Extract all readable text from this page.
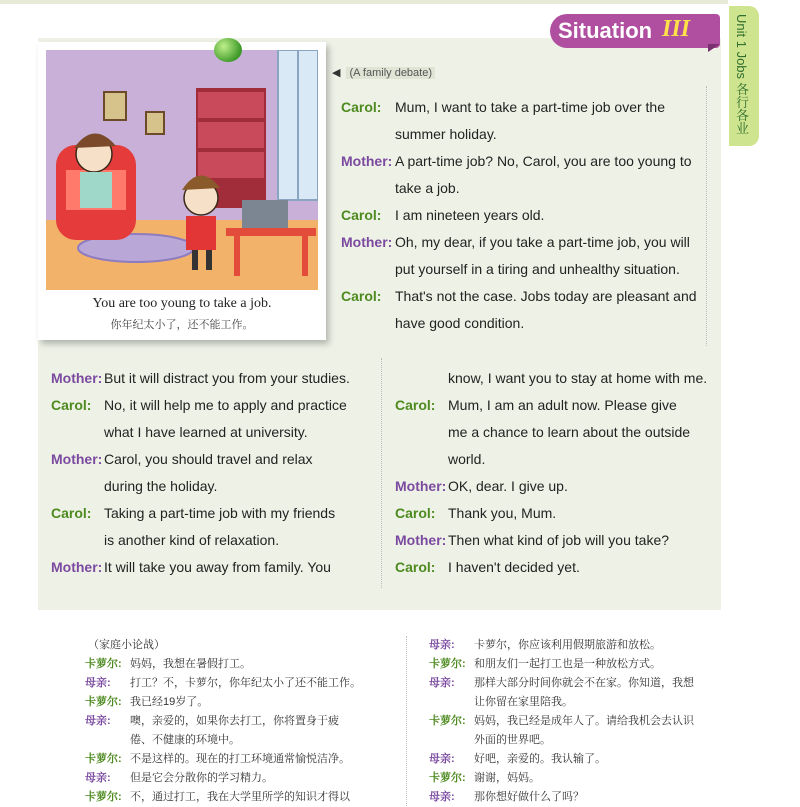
Situation III	Unit 1 Jobs 各行各业
You are too young to take a job.
你年纪太小了，还不能工作。
◀ (A family debate)
Carol: Mum, I want to take a part-time job over the
summer holiday.
Mother: A part-time job? No, Carol, you are too young to
take a job.
Carol: I am nineteen years old.
Mother: Oh, my dear, if you take a part-time job, you will
put yourself in a tiring and unhealthy situation.
Carol: That's not the case. Jobs today are pleasant and
have good condition.
Mother: But it will distract you from your studies.
Carol: No, it will help me to apply and practice
what I have learned at university.
Mother: Carol, you should travel and relax
during the holiday.
Carol: Taking a part-time job with my friends
is another kind of relaxation.
Mother: It will take you away from family. You
know, I want you to stay at home with me.
Carol: Mum, I am an adult now. Please give
me a chance to learn about the outside
world.
Mother: OK, dear. I give up.
Carol: Thank you, Mum.
Mother: Then what kind of job will you take?
Carol: I haven't decided yet.
（家庭小论战）
卡萝尔: 妈妈，我想在暑假打工。
母亲: 打工？不，卡萝尔，你年纪太小了还不能工作。
卡萝尔: 我已经19岁了。
母亲: 噢，亲爱的，如果你去打工，你将置身于疲
倦、不健康的环境中。
卡萝尔: 不是这样的。现在的打工环境通常愉悦洁净。
母亲: 但是它会分散你的学习精力。
卡萝尔: 不，通过打工，我在大学里所学的知识才得以
母亲: 卡萝尔，你应该利用假期旅游和放松。
卡萝尔: 和朋友们一起打工也是一种放松方式。
母亲: 那样大部分时间你就会不在家。你知道，我想
让你留在家里陪我。
卡萝尔: 妈妈，我已经是成年人了。请给我机会去认识
外面的世界吧。
母亲: 好吧，亲爱的。我认输了。
卡萝尔: 谢谢，妈妈。
母亲: 那你想好做什么了吗？
